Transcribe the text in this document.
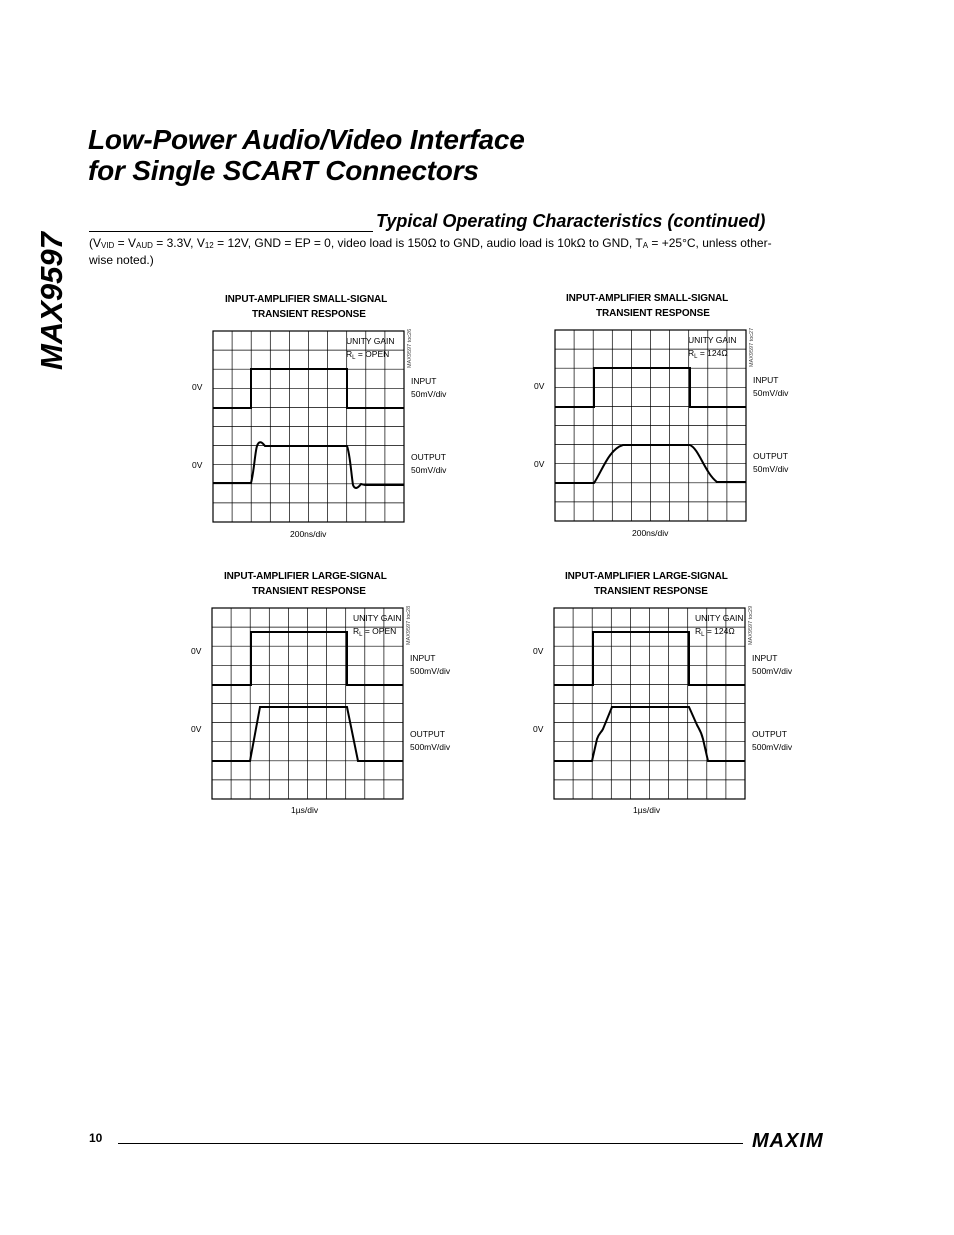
MAX9597
Low-Power Audio/Video Interface
for Single SCART Connectors
Typical Operating Characteristics (continued)

($V_{VID} = V_{AUD} = 3.3V$, $V_{12} = 12V$, GND = EP = 0, video load is 150Ω to GND, audio load is 10kΩ to GND, $T_A = +25^\circ C$, unless other-
wise noted.)

INPUT-AMPLIFIER SMALL-SIGNAL
TRANSIENT RESPONSE
UNITY GAIN
$R_L$ = OPEN	MAX9597 toc26
INPUT
50mV/div
OUTPUT
50mV/div
0V
0V
200ns/div
INPUT-AMPLIFIER SMALL-SIGNAL
TRANSIENT RESPONSE
UNITY GAIN
$R_L = 124\Omega$	MAX9597 toc27
INPUT
50mV/div
OUTPUT
50mV/div
0V
0V
200ns/div
INPUT-AMPLIFIER LARGE-SIGNAL
TRANSIENT RESPONSE
UNITY GAIN
$R_L$ = OPEN MAX9597 toc28
INPUT
500mV/div
OUTPUT
500mV/div
0V
0V
1µs/div
INPUT-AMPLIFIER LARGE-SIGNAL
TRANSIENT RESPONSE
UNITY GAIN
$R_L = 124\Omega$ MAX9597 toc29
INPUT
500mV/div
OUTPUT
500mV/div
0V
0V
1µs/div

10	MAXIM
